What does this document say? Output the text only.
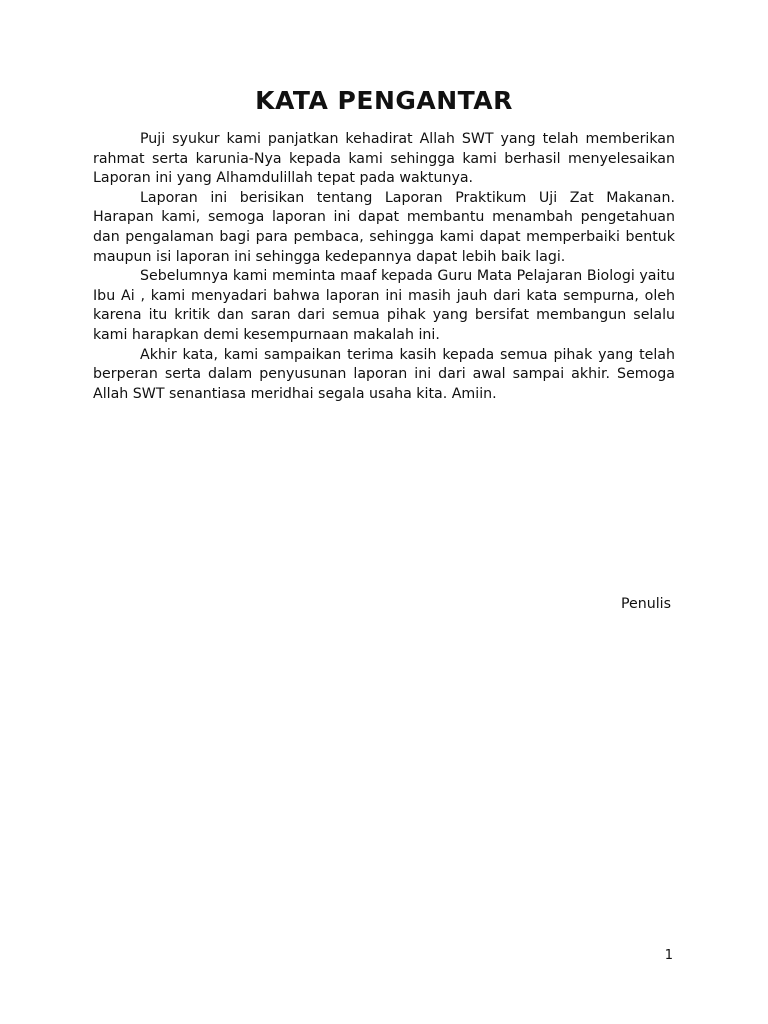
KATA PENGANTAR

Puji syukur kami panjatkan kehadirat Allah SWT yang telah memberikan rahmat serta karunia-Nya kepada kami sehingga kami berhasil menyelesaikan Laporan ini yang Alhamdulillah tepat pada waktunya.

Laporan ini berisikan tentang Laporan Praktikum Uji Zat Makanan. Harapan kami, semoga laporan ini dapat membantu menambah pengetahuan dan pengalaman bagi para pembaca, sehingga kami dapat memperbaiki bentuk maupun isi laporan ini sehingga kedepannya dapat lebih baik lagi.

Sebelumnya kami meminta maaf kepada Guru Mata Pelajaran Biologi yaitu Ibu Ai , kami menyadari bahwa laporan ini masih jauh dari kata sempurna, oleh karena itu kritik dan saran dari semua pihak yang bersifat membangun selalu kami harapkan demi kesempurnaan makalah ini.

Akhir kata, kami sampaikan terima kasih kepada semua pihak yang telah berperan serta dalam penyusunan laporan ini dari awal sampai akhir. Semoga Allah SWT senantiasa meridhai segala usaha kita. Amiin.

Penulis
1
